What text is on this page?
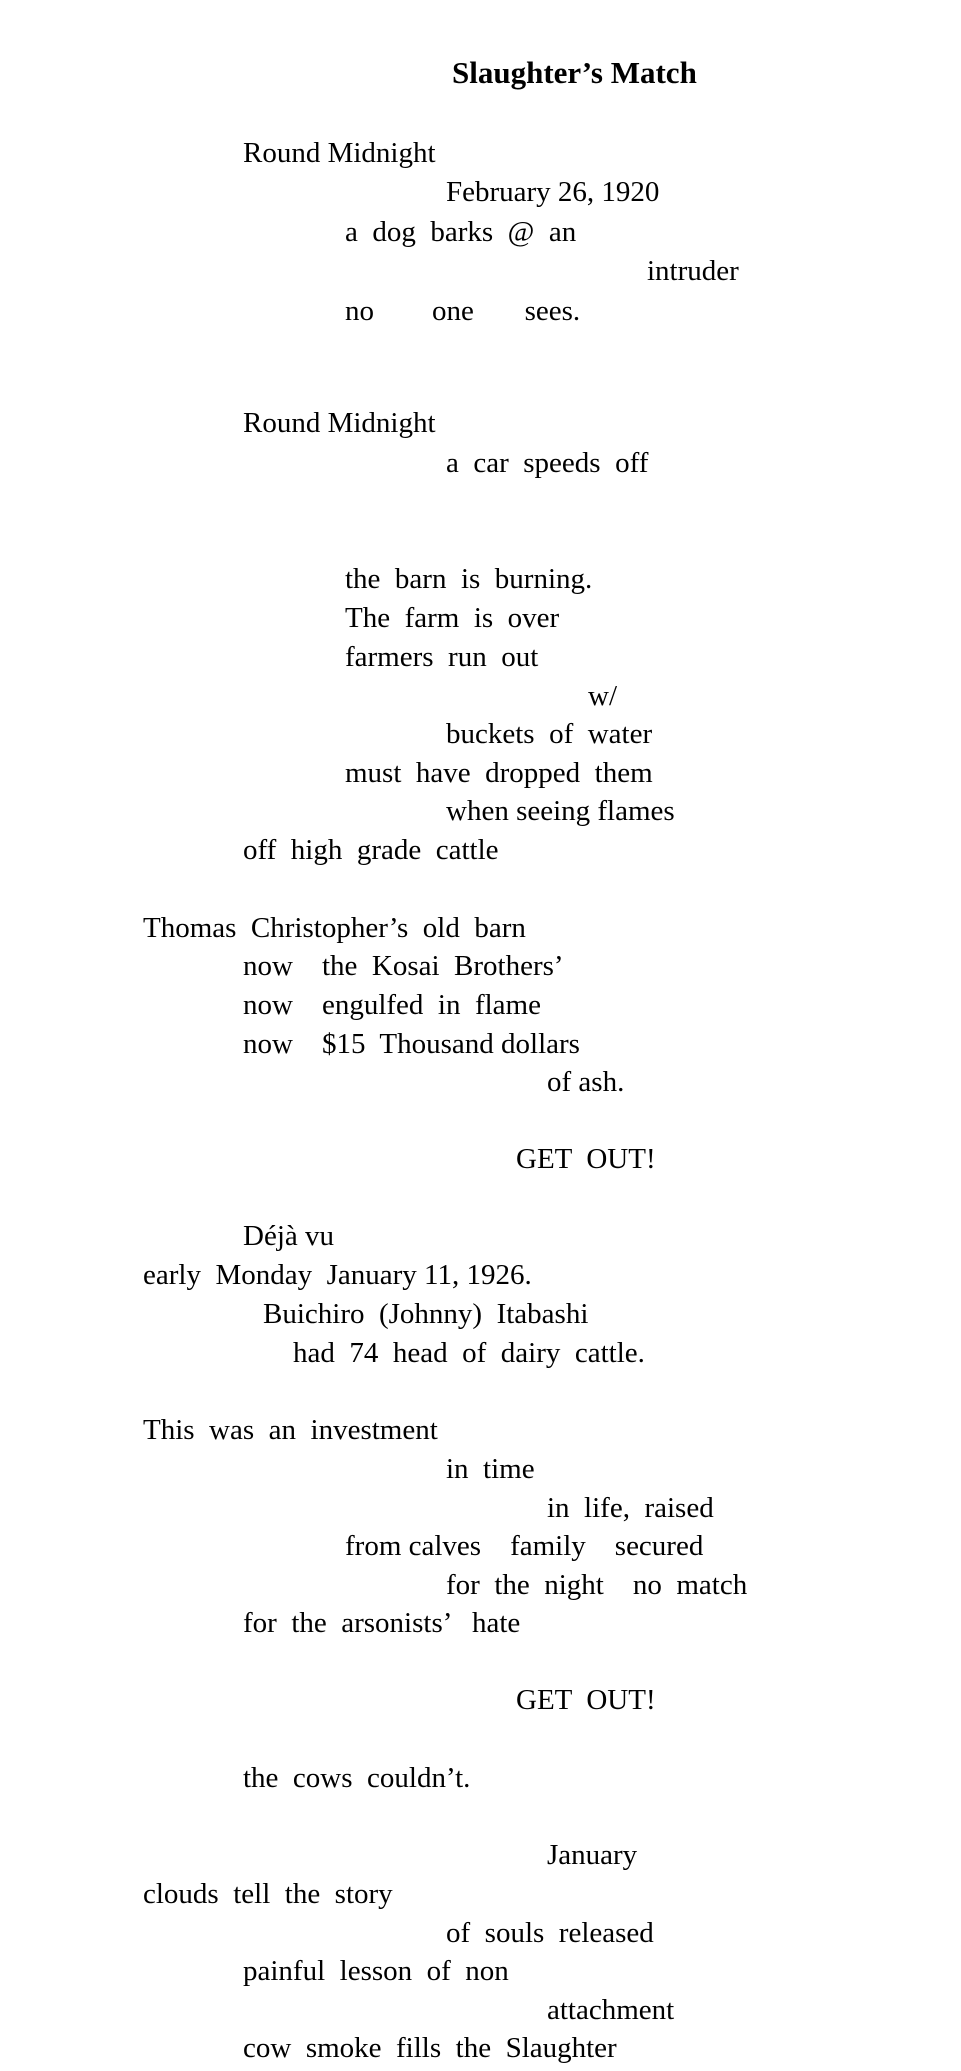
Slaughter’s Match
Round Midnight
February 26, 1920
a  dog  barks  @  an
intruder
no        one       sees.
Round Midnight
a  car  speeds  off
the  barn  is  burning.
The  farm  is  over
farmers  run  out
w/
buckets  of  water
must  have  dropped  them
when seeing flames
off  high  grade  cattle
Thomas  Christopher’s  old  barn
now    the  Kosai  Brothers’
now    engulfed  in  flame
now    $15  Thousand dollars
of ash.
GET  OUT!
Déjà vu
early  Monday  January 11, 1926.
Buichiro  (Johnny)  Itabashi
had  74  head  of  dairy  cattle.
This  was  an  investment
in  time
in  life,  raised
from calves    family    secured
for  the  night    no  match
for  the  arsonists’   hate
GET  OUT!
the  cows  couldn’t.
January
clouds  tell  the  story
of  souls  released
painful  lesson  of  non
attachment
cow  smoke  fills  the  Slaughter
